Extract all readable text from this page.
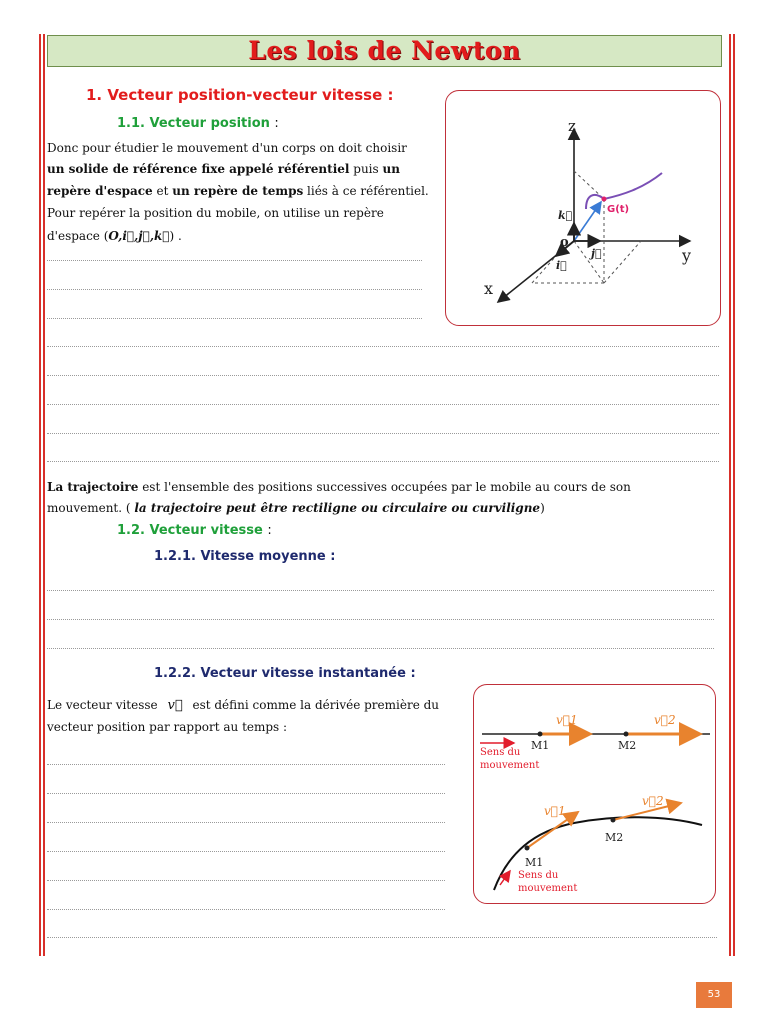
Les lois de Newton
1. Vecteur position-vecteur vitesse :
1.1. Vecteur position :
Donc pour étudier le mouvement d'un corps on doit choisir
un solide de référence fixe appelé référentiel puis un
repère d'espace et un repère de temps liés à ce référentiel.
Pour repérer la position du mobile, on utilise un repère
d'espace (O,i⃗,j⃗,k⃗) .
z
y
x
o
G(t)
k⃗
j⃗
i⃗
La trajectoire est l'ensemble des positions successives occupées par le mobile au cours de son
mouvement. ( la trajectoire peut être rectiligne ou circulaire ou curviligne)
1.2. Vecteur vitesse :
1.2.1. Vitesse moyenne :
1.2.2. Vecteur vitesse instantanée :
Le vecteur vitesse v⃗ est défini comme la dérivée première du
vecteur position par rapport au temps :	v⃗1	v⃗2
M1	M2
Sens du
mouvement
v⃗1
v⃗2
M1
M2
Sens du
mouvement
53
